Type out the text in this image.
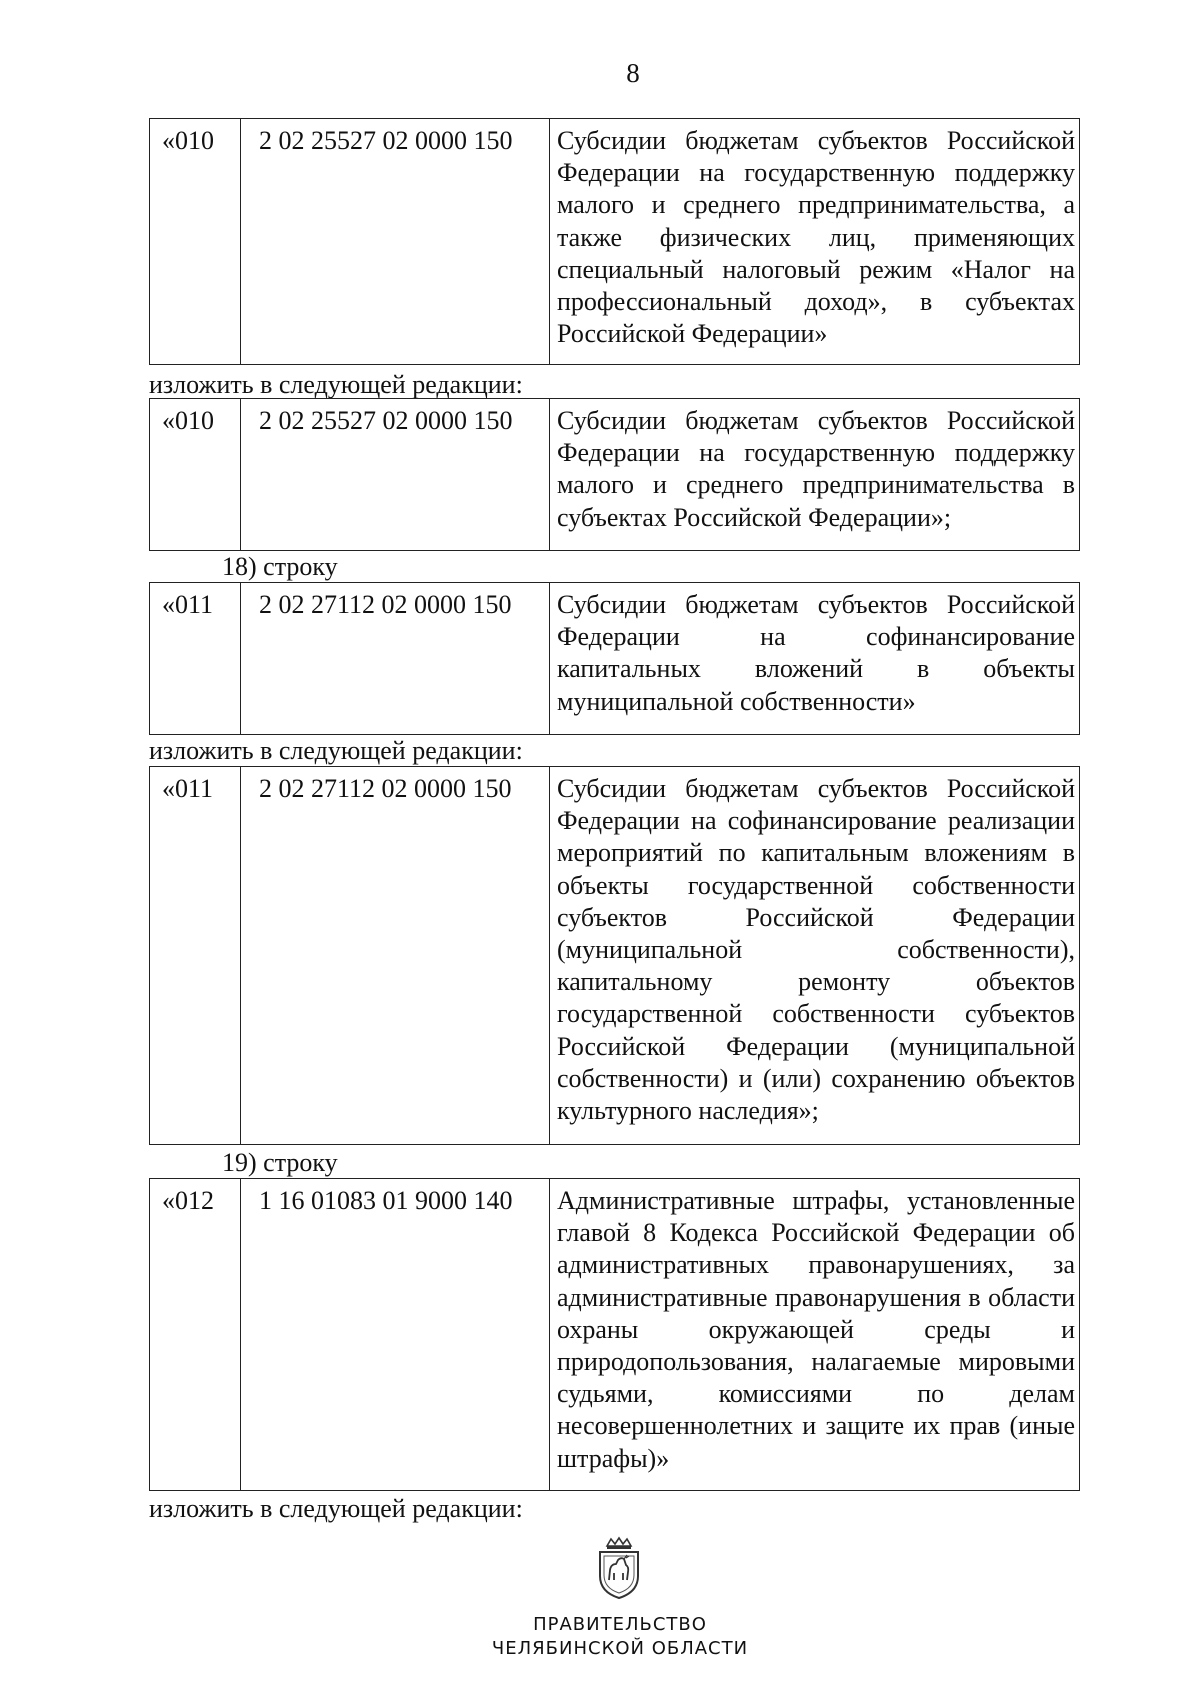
8
«010	2 02 25527 02 0000 150	Субсидии бюджетам субъектов Российской Федерации на государственную поддержку малого и среднего предпринимательства, а также физических лиц, применяющих специальный налоговый режим «Налог на профессиональный доход», в субъектах Российской Федерации»
изложить в следующей редакции:
«010	2 02 25527 02 0000 150	Субсидии бюджетам субъектов Российской Федерации на государственную поддержку малого и среднего предпринимательства в субъектах Российской Федерации»;
18) строку
«011	2 02 27112 02 0000 150	Субсидии бюджетам субъектов Российской Федерации на софинансирование капитальных вложений в объекты муниципальной собственности»
изложить в следующей редакции:
«011	2 02 27112 02 0000 150	Субсидии бюджетам субъектов Российской Федерации на софинансирование реализации мероприятий по капитальным вложениям в объекты государственной собственности субъектов Российской Федерации (муниципальной собственности), капитальному ремонту объектов государственной собственности субъектов Российской Федерации (муниципальной собственности) и (или) сохранению объектов культурного наследия»;
19) строку
«012	1 16 01083 01 9000 140	Административные штрафы, установленные главой 8 Кодекса Российской Федерации об административных правонарушениях, за административные правонарушения в области охраны окружающей среды и природопользования, налагаемые мировыми судьями, комиссиями по делам несовершеннолетних и защите их прав (иные штрафы)»
изложить в следующей редакции:
ПРАВИТЕЛЬСТВО
ЧЕЛЯБИНСКОЙ ОБЛАСТИ
